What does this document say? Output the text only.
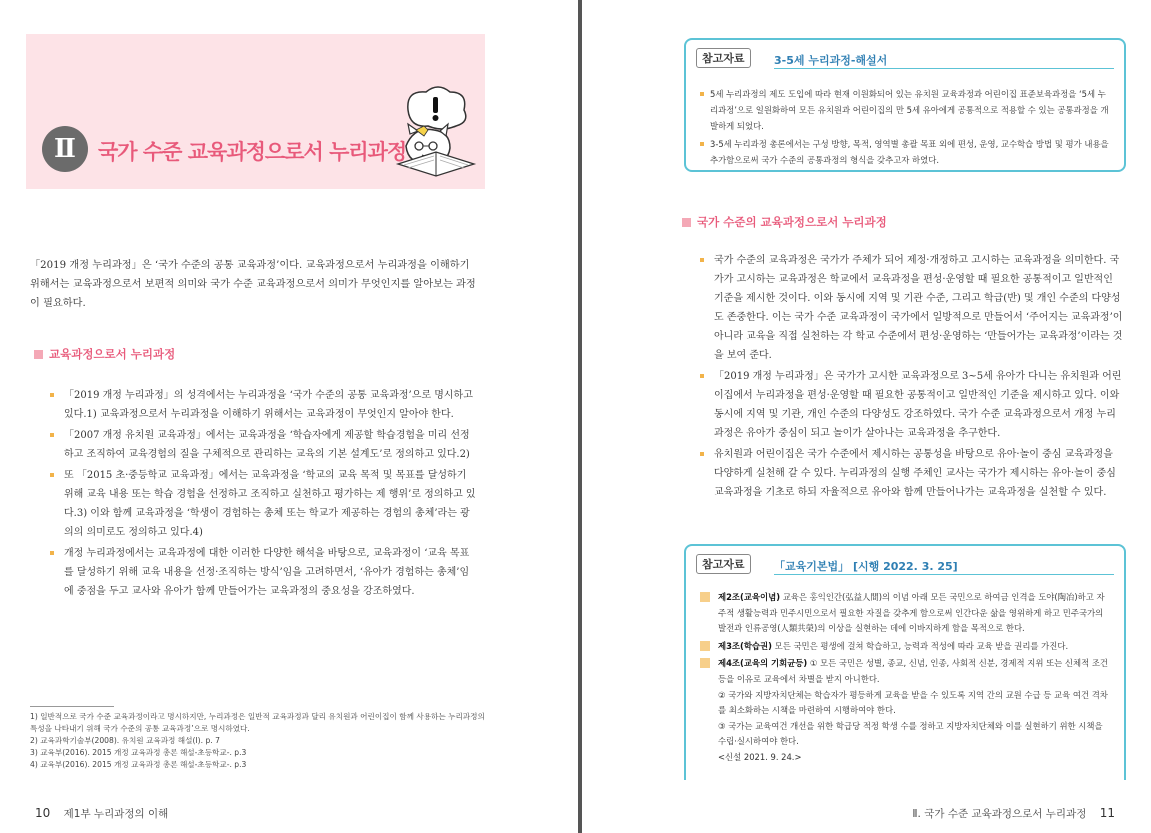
Ⅱ	국가 수준 교육과정으로서 누리과정

「2019 개정 누리과정」은 ‘국가 수준의 공통 교육과정’이다. 교육과정으로서 누리과정을 이해하기 위해서는 교육과정으로서 보편적 의미와 국가 수준 교육과정으로서 의미가 무엇인지를 알아보는 과정이 필요하다.

교육과정으로서 누리과정
「2019 개정 누리과정」의 성격에서는 누리과정을 ‘국가 수준의 공통 교육과정’으로 명시하고 있다.1) 교육과정으로서 누리과정을 이해하기 위해서는 교육과정이 무엇인지 알아야 한다.
「2007 개정 유치원 교육과정」에서는 교육과정을 ‘학습자에게 제공할 학습경험을 미리 선정하고 조직하여 교육경험의 질을 구체적으로 관리하는 교육의 기본 설계도’로 정의하고 있다.2)
또 「2015 초·중등학교 교육과정」에서는 교육과정을 ‘학교의 교육 목적 및 목표를 달성하기 위해 교육 내용 또는 학습 경험을 선정하고 조직하고 실천하고 평가하는 제 행위’로 정의하고 있다.3) 이와 함께 교육과정을 ‘학생이 경험하는 총체 또는 학교가 제공하는 경험의 총체’라는 광의의 의미로도 정의하고 있다.4)
개정 누리과정에서는 교육과정에 대한 이러한 다양한 해석을 바탕으로, 교육과정이 ‘교육 목표를 달성하기 위해 교육 내용을 선정·조직하는 방식’임을 고려하면서, ‘유아가 경험하는 총체’임에 중점을 두고 교사와 유아가 함께 만들어가는 교육과정의 중요성을 강조하였다.

1) 일반적으로 국가 수준 교육과정이라고 명시하지만, 누리과정은 일반적 교육과정과 달리 유치원과 어린이집이 함께 사용하는 누리과정의 특성을 나타내기 위해 국가 수준의 공통 교육과정’으로 명시하였다.

2) 교육과학기술부(2008). 유치원 교육과정 해설(Ⅰ). p. 7

3) 교육부(2016). 2015 개정 교육과정 총론 해설-초등학교-. p.3

4) 교육부(2016). 2015 개정 교육과정 총론 해설-초등학교-. p.3

10 제1부 누리과정의 이해
참고자료	3-5세 누리과정-해설서

5세 누리과정의 제도 도입에 따라 현재 이원화되어 있는 유치원 교육과정과 어린이집 표준보육과정을 ‘5세 누리과정’으로 일원화하여 모든 유치원과 어린이집의 만 5세 유아에게 공통적으로 적용할 수 있는 공통과정을 개발하게 되었다.

3-5세 누리과정 총론에서는 구성 방향, 목적, 영역별 총괄 목표 외에 편성, 운영, 교수학습 방법 및 평가 내용을 추가함으로써 국가 수준의 공통과정의 형식을 갖추고자 하였다.

국가 수준의 교육과정으로서 누리과정
국가 수준의 교육과정은 국가가 주체가 되어 제정·개정하고 고시하는 교육과정을 의미한다. 국가가 고시하는 교육과정은 학교에서 교육과정을 편성·운영할 때 필요한 공통적이고 일반적인 기준을 제시한 것이다. 이와 동시에 지역 및 기관 수준, 그리고 학급(반) 및 개인 수준의 다양성도 존중한다. 이는 국가 수준 교육과정이 국가에서 일방적으로 만들어서 ‘주어지는 교육과정’이 아니라 교육을 직접 실천하는 각 학교 수준에서 편성·운영하는 ‘만들어가는 교육과정’이라는 것을 보여 준다.
「2019 개정 누리과정」은 국가가 고시한 교육과정으로 3~5세 유아가 다니는 유치원과 어린이집에서 누리과정을 편성·운영할 때 필요한 공통적이고 일반적인 기준을 제시하고 있다. 이와 동시에 지역 및 기관, 개인 수준의 다양성도 강조하였다. 국가 수준 교육과정으로서 개정 누리과정은 유아가 중심이 되고 놀이가 살아나는 교육과정을 추구한다.
유치원과 어린이집은 국가 수준에서 제시하는 공통성을 바탕으로 유아·놀이 중심 교육과정을 다양하게 실천해 갈 수 있다. 누리과정의 실행 주체인 교사는 국가가 제시하는 유아·놀이 중심 교육과정을 기초로 하되 자율적으로 유아와 함께 만들어나가는 교육과정을 실천할 수 있다.
참고자료	「교육기본법」 [시행 2022. 3. 25]

제2조(교육이념) 교육은 홍익인간(弘益人間)의 이념 아래 모든 국민으로 하여금 인격을 도야(陶冶)하고 자주적 생활능력과 민주시민으로서 필요한 자질을 갖추게 함으로써 인간다운 삶을 영위하게 하고 민주국가의 발전과 인류공영(人類共榮)의 이상을 실현하는 데에 이바지하게 함을 목적으로 한다.

제3조(학습권) 모든 국민은 평생에 걸쳐 학습하고, 능력과 적성에 따라 교육 받을 권리를 가진다.

제4조(교육의 기회균등) ① 모든 국민은 성별, 종교, 신념, 인종, 사회적 신분, 경제적 지위 또는 신체적 조건 등을 이유로 교육에서 차별을 받지 아니한다.

② 국가와 지방자치단체는 학습자가 평등하게 교육을 받을 수 있도록 지역 간의 교원 수급 등 교육 여건 격차를 최소화하는 시책을 마련하여 시행하여야 한다.

③ 국가는 교육여건 개선을 위한 학급당 적정 학생 수를 정하고 지방자치단체와 이를 실현하기 위한 시책을 수립·실시하여야 한다.

<신설 2021. 9. 24.>

Ⅱ. 국가 수준 교육과정으로서 누리과정 11
